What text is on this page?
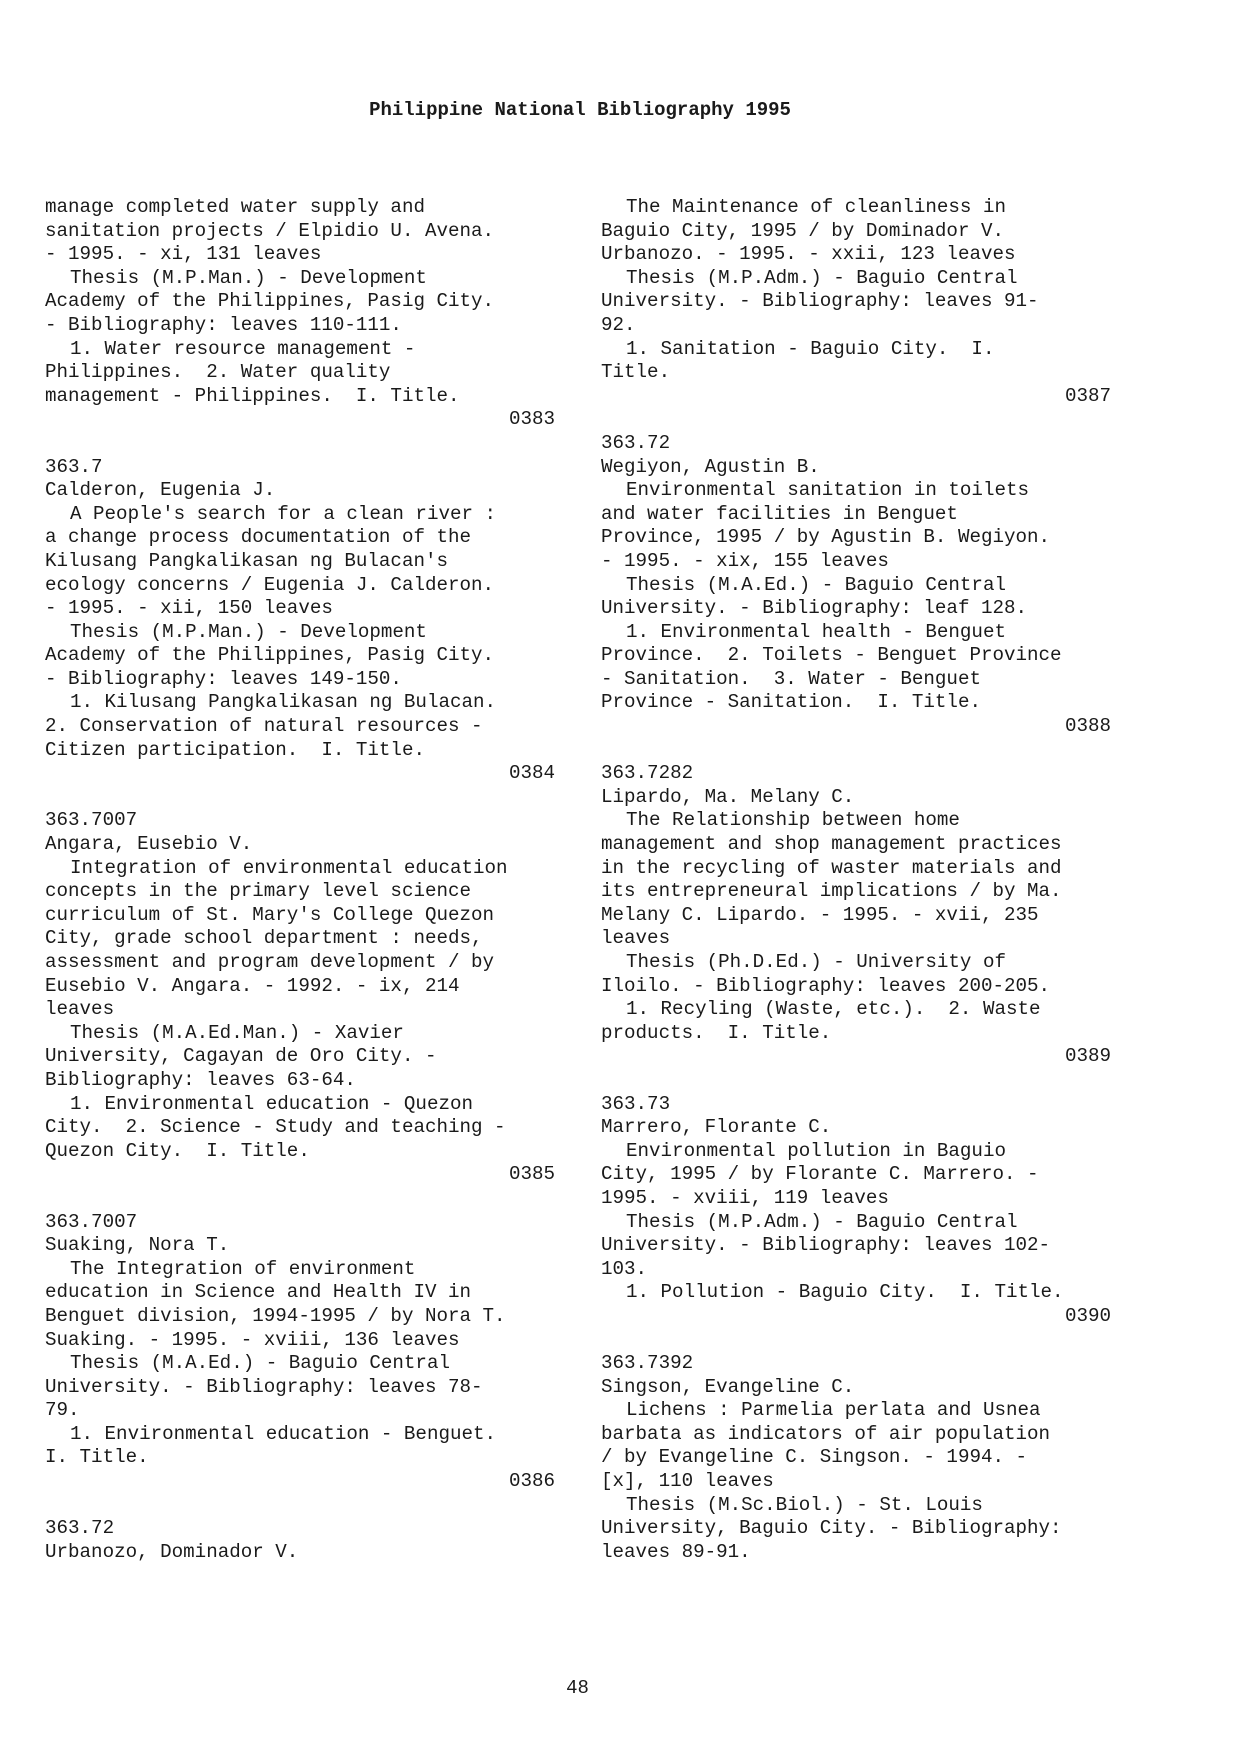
Philippine National Bibliography 1995
manage completed water supply and
sanitation projects / Elpidio U. Avena.
- 1995. - xi, 131 leaves
Thesis (M.P.Man.) - Development
Academy of the Philippines, Pasig City.
- Bibliography: leaves 110-111.
1. Water resource management -
Philippines.  2. Water quality
management - Philippines.  I. Title.
0383
363.7
Calderon, Eugenia J.
A People's search for a clean river :
a change process documentation of the
Kilusang Pangkalikasan ng Bulacan's
ecology concerns / Eugenia J. Calderon.
- 1995. - xii, 150 leaves
Thesis (M.P.Man.) - Development
Academy of the Philippines, Pasig City.
- Bibliography: leaves 149-150.
1. Kilusang Pangkalikasan ng Bulacan.
2. Conservation of natural resources -
Citizen participation.  I. Title.
0384
363.7007
Angara, Eusebio V.
Integration of environmental education
concepts in the primary level science
curriculum of St. Mary's College Quezon
City, grade school department : needs,
assessment and program development / by
Eusebio V. Angara. - 1992. - ix, 214
leaves
Thesis (M.A.Ed.Man.) - Xavier
University, Cagayan de Oro City. -
Bibliography: leaves 63-64.
1. Environmental education - Quezon
City.  2. Science - Study and teaching -
Quezon City.  I. Title.
0385
363.7007
Suaking, Nora T.
The Integration of environment
education in Science and Health IV in
Benguet division, 1994-1995 / by Nora T.
Suaking. - 1995. - xviii, 136 leaves
Thesis (M.A.Ed.) - Baguio Central
University. - Bibliography: leaves 78-
79.
1. Environmental education - Benguet.
I. Title.
0386
363.72
Urbanozo, Dominador V.
The Maintenance of cleanliness in
Baguio City, 1995 / by Dominador V.
Urbanozo. - 1995. - xxii, 123 leaves
Thesis (M.P.Adm.) - Baguio Central
University. - Bibliography: leaves 91-
92.
1. Sanitation - Baguio City.  I.
Title.
0387
363.72
Wegiyon, Agustin B.
Environmental sanitation in toilets
and water facilities in Benguet
Province, 1995 / by Agustin B. Wegiyon.
- 1995. - xix, 155 leaves
Thesis (M.A.Ed.) - Baguio Central
University. - Bibliography: leaf 128.
1. Environmental health - Benguet
Province.  2. Toilets - Benguet Province
- Sanitation.  3. Water - Benguet
Province - Sanitation.  I. Title.
0388
363.7282
Lipardo, Ma. Melany C.
The Relationship between home
management and shop management practices
in the recycling of waster materials and
its entrepreneural implications / by Ma.
Melany C. Lipardo. - 1995. - xvii, 235
leaves
Thesis (Ph.D.Ed.) - University of
Iloilo. - Bibliography: leaves 200-205.
1. Recyling (Waste, etc.).  2. Waste
products.  I. Title.
0389
363.73
Marrero, Florante C.
Environmental pollution in Baguio
City, 1995 / by Florante C. Marrero. -
1995. - xviii, 119 leaves
Thesis (M.P.Adm.) - Baguio Central
University. - Bibliography: leaves 102-
103.
1. Pollution - Baguio City.  I. Title.
0390
363.7392
Singson, Evangeline C.
Lichens : Parmelia perlata and Usnea
barbata as indicators of air population
/ by Evangeline C. Singson. - 1994. -
[x], 110 leaves
Thesis (M.Sc.Biol.) - St. Louis
University, Baguio City. - Bibliography:
leaves 89-91.
48
